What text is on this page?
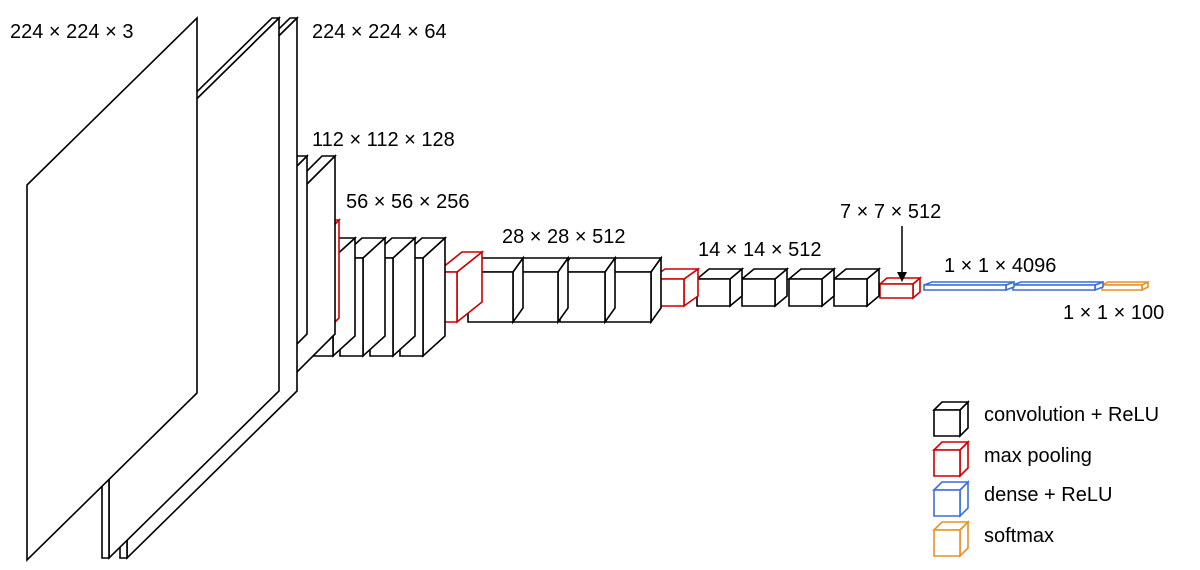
224 × 224 × 3	224 × 224 × 64
112 × 112 × 128
56 × 56 × 256
28 × 28 × 512
14 × 14 × 512
7 × 7 × 512
1 × 1 × 4096
1 × 1 × 100
convolution + ReLU
max pooling
dense + ReLU
softmax
